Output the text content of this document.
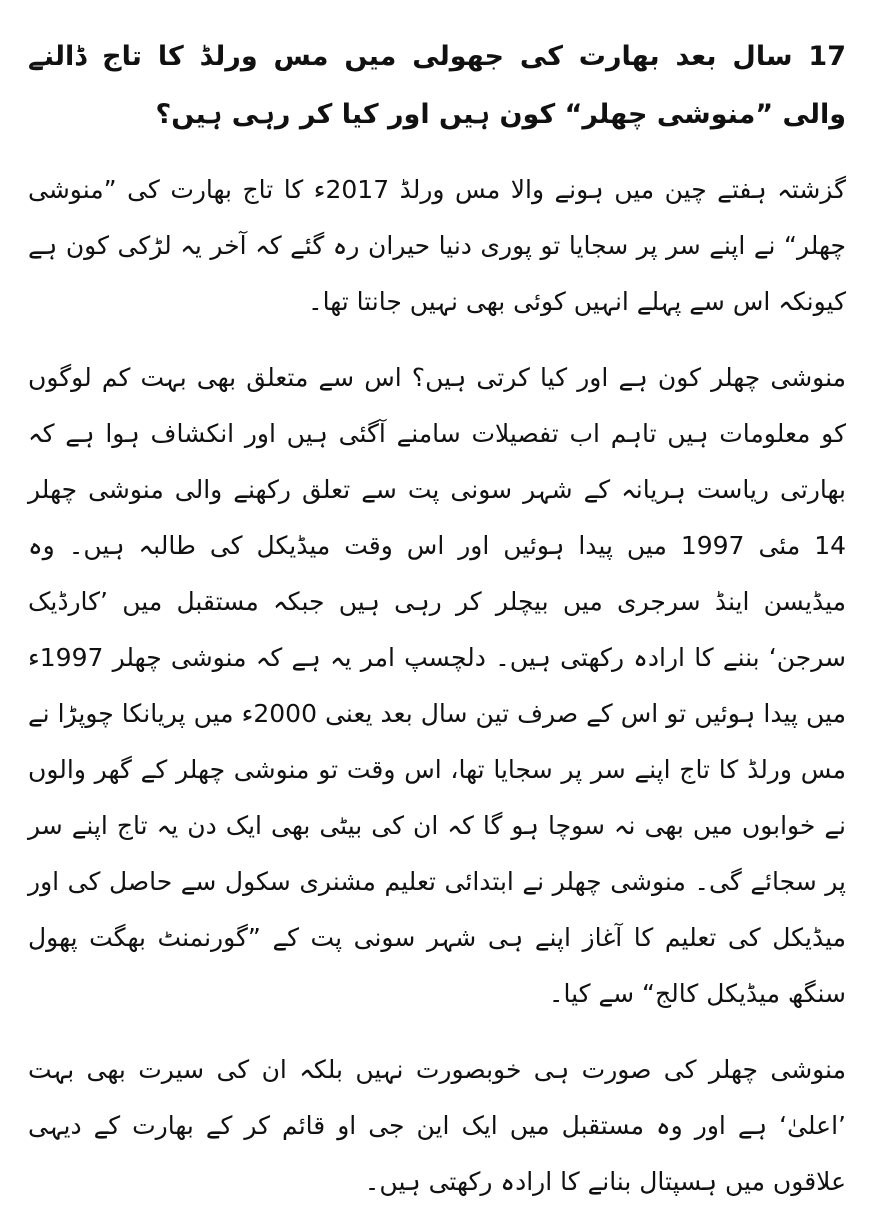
17 سال بعد بھارت کی جھولی میں مس ورلڈ کا تاج ڈالنے والی ”منوشی چھلر“ کون ہیں اور کیا کر رہی ہیں؟

گزشتہ ہفتے چین میں ہونے والا مس ورلڈ 2017ء کا تاج بھارت کی ”منوشی چھلر“ نے اپنے سر پر سجایا تو پوری دنیا حیران رہ گئے کہ آخر یہ لڑکی کون ہے کیونکہ اس سے پہلے انہیں کوئی بھی نہیں جانتا تھا۔

منوشی چھلر کون ہے اور کیا کرتی ہیں؟ اس سے متعلق بھی بہت کم لوگوں کو معلومات ہیں تاہم اب تفصیلات سامنے آگئی ہیں اور انکشاف ہوا ہے کہ بھارتی ریاست ہریانہ کے شہر سونی پت سے تعلق رکھنے والی منوشی چھلر 14 مئی 1997 میں پیدا ہوئیں اور اس وقت میڈیکل کی طالبہ ہیں۔ وہ میڈیسن اینڈ سرجری میں بیچلر کر رہی ہیں جبکہ مستقبل میں ’کارڈیک سرجن‘ بننے کا ارادہ رکھتی ہیں۔ دلچسپ امر یہ ہے کہ منوشی چھلر 1997ء میں پیدا ہوئیں تو اس کے صرف تین سال بعد یعنی 2000ء میں پریانکا چوپڑا نے مس ورلڈ کا تاج اپنے سر پر سجایا تھا، اس وقت تو منوشی چھلر کے گھر والوں نے خوابوں میں بھی نہ سوچا ہو گا کہ ان کی بیٹی بھی ایک دن یہ تاج اپنے سر پر سجائے گی۔ منوشی چھلر نے ابتدائی تعلیم مشنری سکول سے حاصل کی اور میڈیکل کی تعلیم کا آغاز اپنے ہی شہر سونی پت کے ”گورنمنٹ بھگت پھول سنگھ میڈیکل کالج“ سے کیا۔

منوشی چھلر کی صورت ہی خوبصورت نہیں بلکہ ان کی سیرت بھی بہت ’اعلیٰ‘ ہے اور وہ مستقبل میں ایک این جی او قائم کر کے بھارت کے دیہی علاقوں میں ہسپتال بنانے کا ارادہ رکھتی ہیں۔
